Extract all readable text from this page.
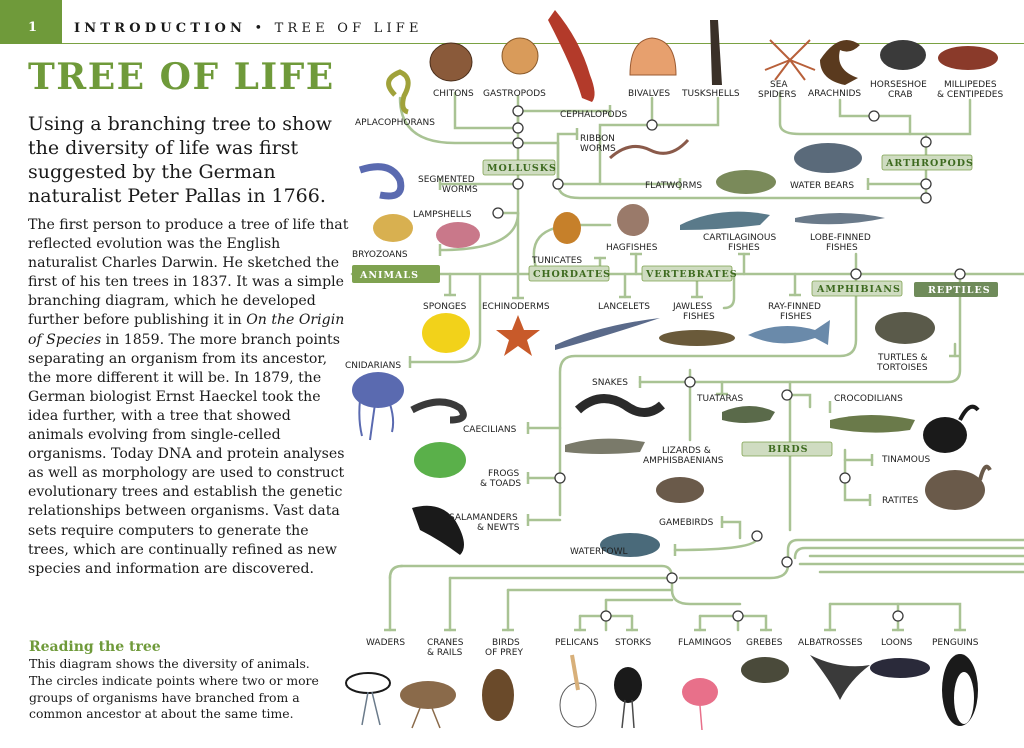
1	INTRODUCTION • TREE OF LIFE
TREE OF LIFE
Using a branching tree to show the diversity of life was first suggested by the German naturalist Peter Pallas in 1766.
The first person to produce a tree of life that reflected evolution was the English naturalist Charles Darwin. He sketched the first of his ten trees in 1837. It was a simple branching diagram, which he developed further before publishing it in On the Origin of Species in 1859. The more branch points separating an organism from its ancestor, the more different it will be. In 1879, the German biologist Ernst Haeckel took the idea further, with a tree that showed animals evolving from single-celled organisms. Today DNA and protein analyses as well as morphology are used to construct evolutionary trees and establish the genetic relationships between organisms. Vast data sets require computers to generate the trees, which are continually refined as new species and information are discovered.
Reading the tree
This diagram shows the diversity of animals. The circles indicate points where two or more groups of organisms have branched from a common ancestor at about the same time.
ANIMALS
MOLLUSKS	ARTHROPODS
CHORDATES	VERTEBRATES
AMPHIBIANS	REPTILES
BIRDS
CHITONS GASTROPODS	BIVALVES TUSKSHELLS
SEA
SPIDERS ARACHNIDS
HORSESHOE
CRAB
MILLIPEDES
& CENTIPEDES
CEPHALOPODS
APLACOPHORANS
RIBBON
WORMS
SEGMENTED
WORMS	FLATWORMS	WATER BEARS
LAMPSHELLS
BRYOZOANS
TUNICATES
HAGFISHES
CARTILAGINOUS
FISHES
LOBE-FINNED
FISHES
SPONGES ECHINODERMS	LANCELETS	JAWLESS
FISHES
RAY-FINNED
FISHES
CNIDARIANS
TURTLES &
TORTOISES
SNAKES
TUATARAS	CROCODILIANS
CAECILIANS
LIZARDS &
AMPHISBAENIANS	TINAMOUS
FROGS
& TOADS
RATITES
SALAMANDERS
& NEWTS	GAMEBIRDS
WATERFOWL
WADERS CRANES
& RAILS
BIRDS
OF PREY
PELICANS STORKS	FLAMINGOS GREBES ALBATROSSES LOONS PENGUINS
